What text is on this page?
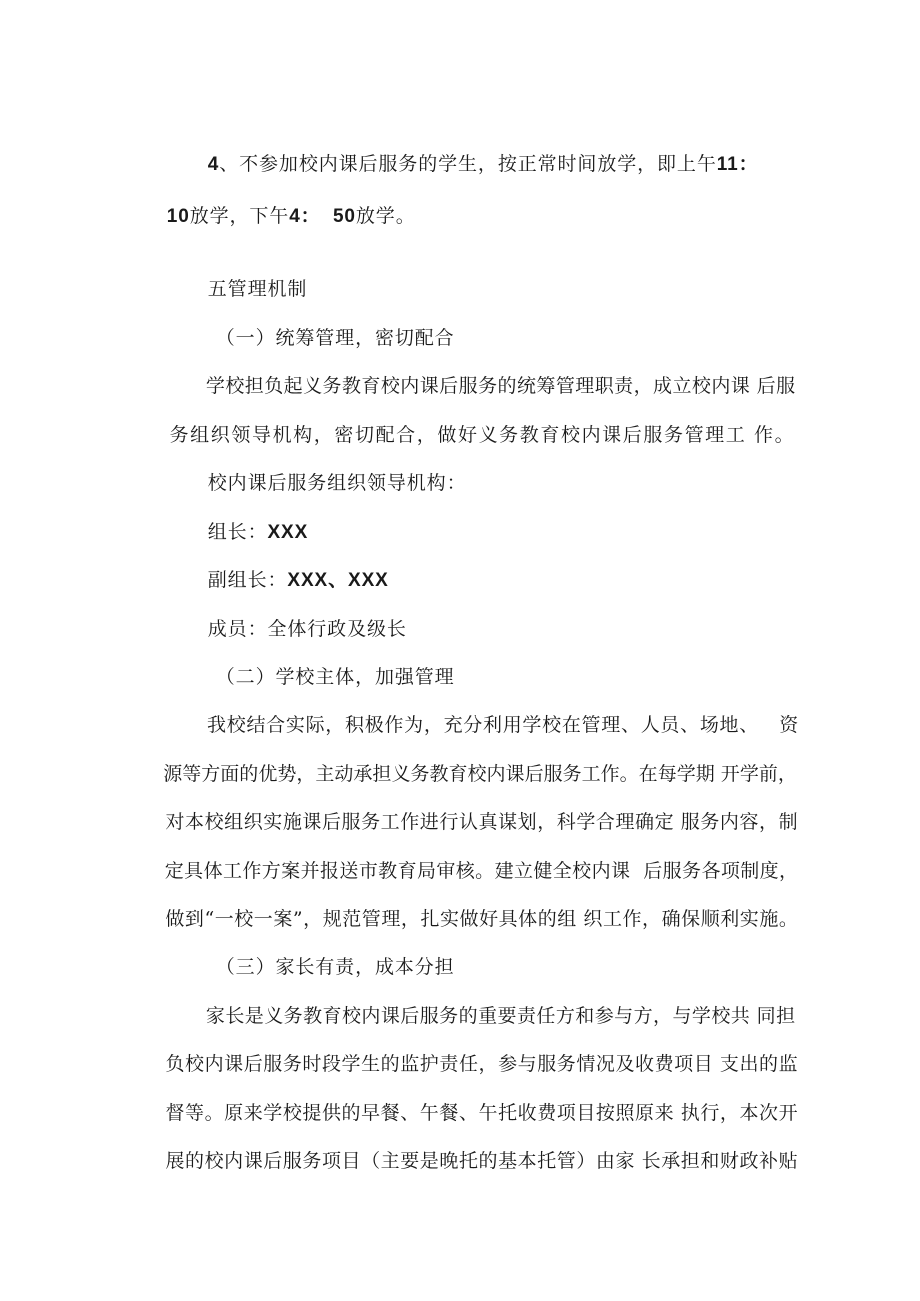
4、不参加校内课后服务的学生，按正常时间放学，即上午11：

10放学，下午4：  50放学。

五管理机制

（一）统筹管理，密切配合

学校担负起义务教育校内课后服务的统筹管理职责，成立校内课 后服

务组织领导机构，密切配合，做好义务教育校内课后服务管理工 作。

校内课后服务组织领导机构：

组长：XXX

副组长：XXX、XXX

成员：全体行政及级长

（二）学校主体，加强管理

我校结合实际，积极作为，充分利用学校在管理、人员、场地、   资

源等方面的优势，主动承担义务教育校内课后服务工作。在每学期 开学前，

对本校组织实施课后服务工作进行认真谋划，科学合理确定 服务内容，制

定具体工作方案并报送市教育局审核。建立健全校内课  后服务各项制度，

做到“一校一案”，规范管理，扎实做好具体的组 织工作，确保顺利实施。

（三）家长有责，成本分担

家长是义务教育校内课后服务的重要责任方和参与方，与学校共 同担

负校内课后服务时段学生的监护责任，参与服务情况及收费项目 支出的监

督等。原来学校提供的早餐、午餐、午托收费项目按照原来 执行，本次开

展的校内课后服务项目（主要是晚托的基本托管）由家 长承担和财政补贴
